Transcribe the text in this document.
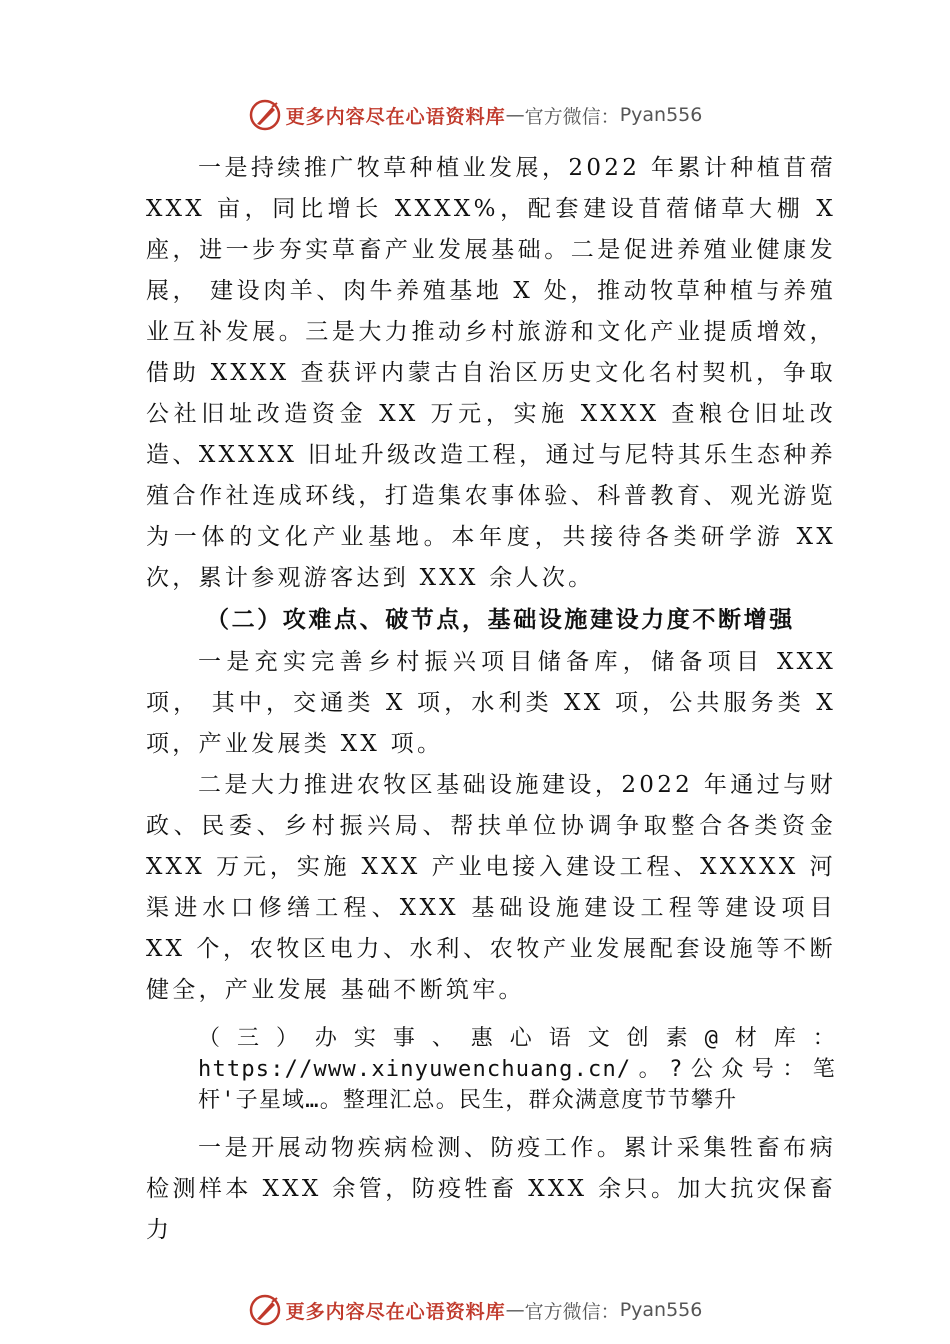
更多内容尽在心语资料库 — 官方微信： Pyan556

一是持续推广牧草种植业发展，2022 年累计种植苜蓿 XXX 亩，同比增长 XXXX%，配套建设苜蓿储草大棚 X 座，进一步夯实草畜产业发展基础。二是促进养殖业健康发展， 建设肉羊、肉牛养殖基地 X 处，推动牧草种植与养殖业互补发展。三是大力推动乡村旅游和文化产业提质增效，借助 XXXX 查获评内蒙古自治区历史文化名村契机，争取公社旧址改造资金 XX 万元，实施 XXXX 查粮仓旧址改造、XXXXX 旧址升级改造工程，通过与尼特其乐生态种养殖合作社连成环线，打造集农事体验、科普教育、观光游览为一体的文化产业基地。本年度，共接待各类研学游 XX 次，累计参观游客达到 XXX 余人次。

（二）攻难点、破节点，基础设施建设力度不断增强

一是充实完善乡村振兴项目储备库，储备项目 XXX 项， 其中，交通类 X 项，水利类 XX 项，公共服务类 X 项，产业发展类 XX 项。

二是大力推进农牧区基础设施建设，2022 年通过与财政、民委、乡村振兴局、帮扶单位协调争取整合各类资金 XXX 万元，实施 XXX 产业电接入建设工程、XXXXX 河渠进水口修缮工程、XXX 基础设施建设工程等建设项目 XX 个，农牧区电力、水利、农牧产业发展配套设施等不断健全，产业发展 基础不断筑牢。

（三）办实事、惠心语文创素@材库：https://www.xinyuwenchuang.cn/。?公众号：笔杆'子星域…。整理汇总。民生，群众满意度节节攀升

一是开展动物疾病检测、防疫工作。累计采集牲畜布病检测样本 XXX 余管，防疫牲畜 XXX 余只。加大抗灾保畜力

更多内容尽在心语资料库 — 官方微信： Pyan556
